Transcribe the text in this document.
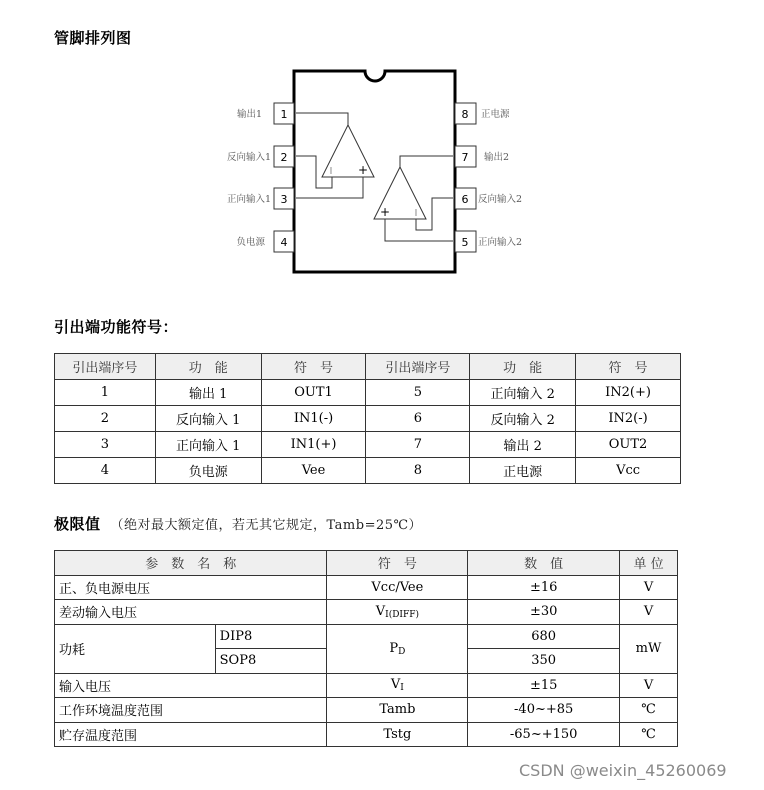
管脚排列图
1
2
3
4
8
7
6
5
输出1
反向输入1
正向输入1
负电源
正电源
输出2
反向输入2
正向输入2
I +
+ I
引出端功能符号：
引出端序号	功　能	符　号	引出端序号	功　能	符　号
1	输出 1	OUT1	5	正向输入 2	IN2(+)
2	反向输入 1	IN1(-)	6	反向输入 2	IN2(-)
3	正向输入 1	IN1(+)	7	输出 2	OUT2
4	负电源	Vee	8	正电源	Vcc
极限值 （绝对最大额定值，若无其它规定，Tamb=25℃）
参　数　名　称		符　号	数　值	单 位
正、负电源电压		Vcc/Vee	±16	V
差动输入电压		$V_{I(DIFF)}$	±30	V
功耗	DIP8	$P_D$	680	mW
	SOP8		350	
输入电压		$V_I$	±15	V
工作环境温度范围		Tamb	-40~+85	℃
贮存温度范围		Tstg	-65~+150	℃
CSDN @weixin_45260069
